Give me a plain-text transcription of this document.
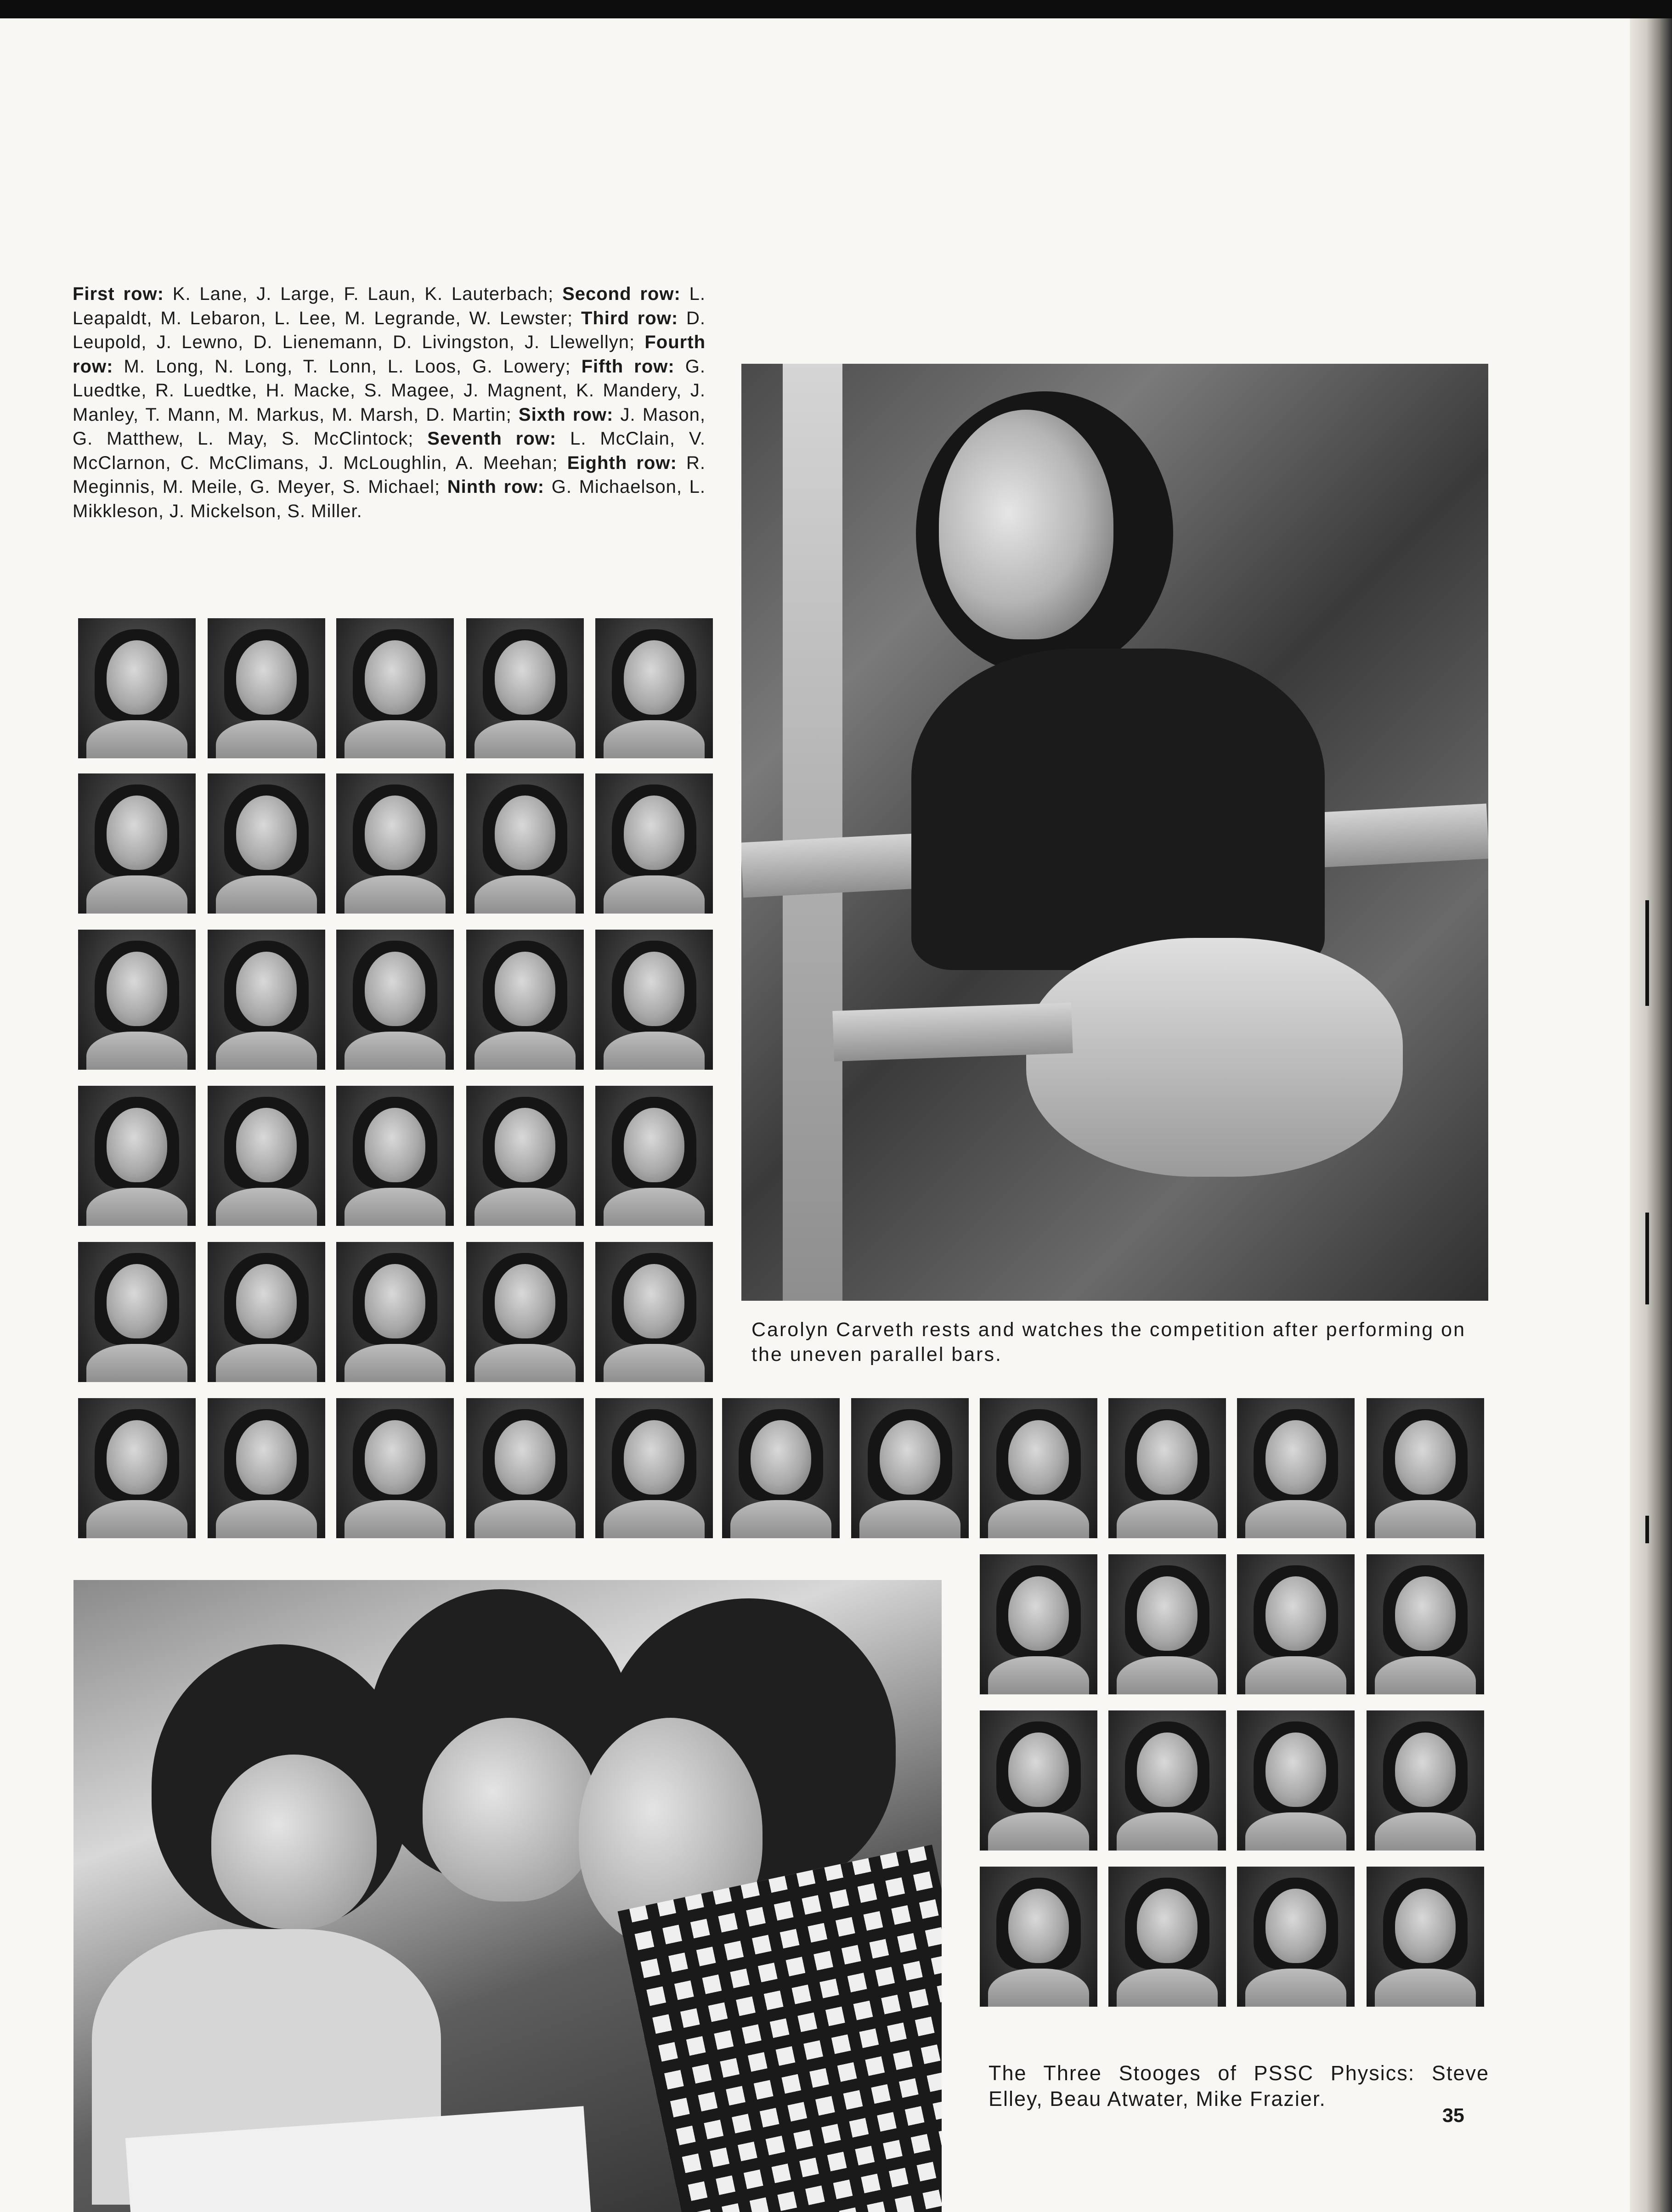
First row: K. Lane, J. Large, F. Laun, K. Lauterbach; Second row: L. Leapaldt, M. Lebaron, L. Lee, M. Legrande, W. Lewster; Third row: D. Leupold, J. Lewno, D. Lienemann, D. Livingston, J. Llewellyn; Fourth row: M. Long, N. Long, T. Lonn, L. Loos, G. Lowery; Fifth row: G. Luedtke, R. Luedtke, H. Macke, S. Magee, J. Magnent, K. Mandery, J. Manley, T. Mann, M. Markus, M. Marsh, D. Martin; Sixth row: J. Mason, G. Matthew, L. May, S. McClintock; Seventh row: L. McClain, V. McClarnon, C. McClimans, J. McLoughlin, A. Meehan; Eighth row: R. Meginnis, M. Meile, G. Meyer, S. Michael; Ninth row: G. Michaelson, L. Mikkleson, J. Mickelson, S. Miller.
Carolyn Carveth rests and watches the competition after performing on the uneven parallel bars.
The Three Stooges of PSSC Physics: Steve Elley, Beau Atwater, Mike Frazier.
35
